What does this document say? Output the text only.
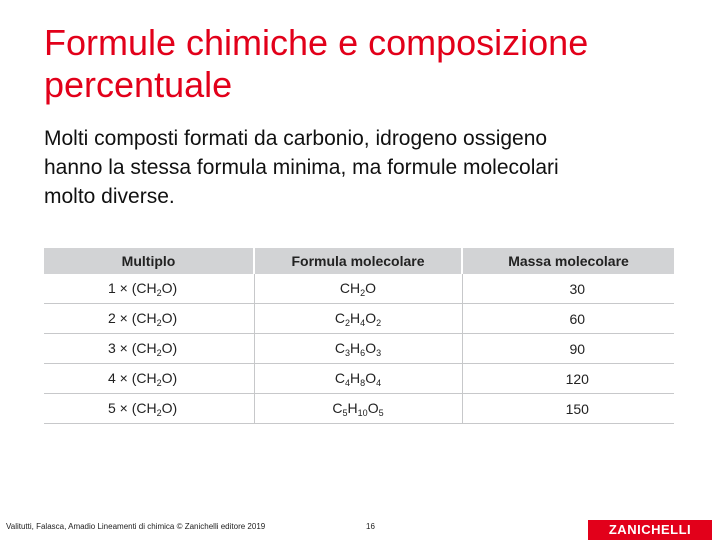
Formule chimiche e composizione
percentuale
Molti composti formati da carbonio, idrogeno ossigeno
hanno la stessa formula minima, ma formule molecolari
molto diverse.
Multiplo	Formula molecolare	Massa molecolare
$1 \times (CH_2O)$	$CH_2O$	30
$2 \times (CH_2O)$	$C_2H_4O_2$	60
$3 \times (CH_2O)$	$C_3H_6O_3$	90
$4 \times (CH_2O)$	$C_4H_8O_4$	120
$5 \times (CH_2O)$	$C_5H_{10}O_5$	150
Valitutti, Falasca, Amadio Lineamenti di chimica © Zanichelli editore 2019	16	ZANICHELLI
